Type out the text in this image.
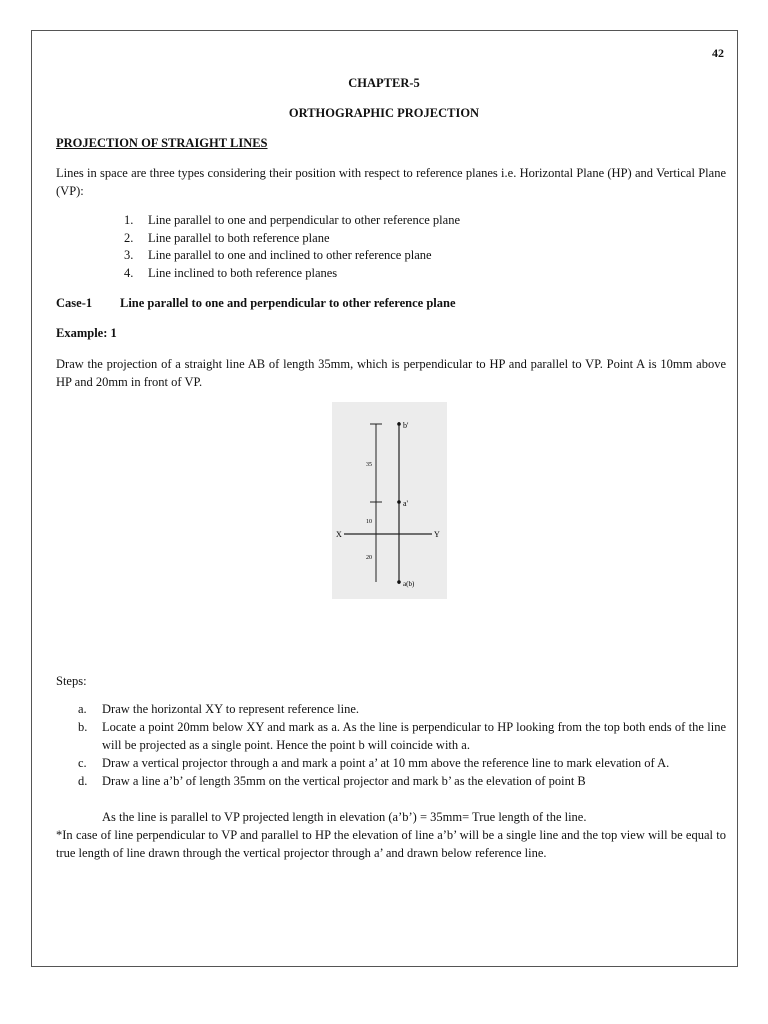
42
CHAPTER-5
ORTHOGRAPHIC PROJECTION
PROJECTION OF STRAIGHT LINES
Lines in space are three types considering their position with respect to reference planes i.e. Horizontal Plane (HP) and Vertical Plane (VP):
1. Line parallel to one and perpendicular to other reference plane
2. Line parallel to both reference plane
3. Line parallel to one and inclined to other reference plane
4. Line inclined to both reference planes
Case-1 Line parallel to one and perpendicular to other reference plane
Example: 1
Draw the projection of a straight line AB of length 35mm, which is perpendicular to HP and parallel to VP. Point A is 10mm above HP and 20mm in front of VP.
b'
a'
a(b)
35
10
20
X	Y
Steps:
a.	Draw the horizontal XY to represent reference line.
b.	Locate a point 20mm below XY and mark as a. As the line is perpendicular to HP looking from the top both ends of the line will be projected as a single point. Hence the point b will coincide with a.
c.	Draw a vertical projector through a and mark a point a’ at 10 mm above the reference line to mark elevation of A.
d.	Draw a line a’b’ of length 35mm on the vertical projector and mark b’ as the elevation of point B
As the line is parallel to VP projected length in elevation (a’b’) = 35mm= True length of the line.
*In case of line perpendicular to VP and parallel to HP the elevation of line a’b’ will be a single line and the top view will be equal to true length of line drawn through the vertical projector through a’ and drawn below reference line.
